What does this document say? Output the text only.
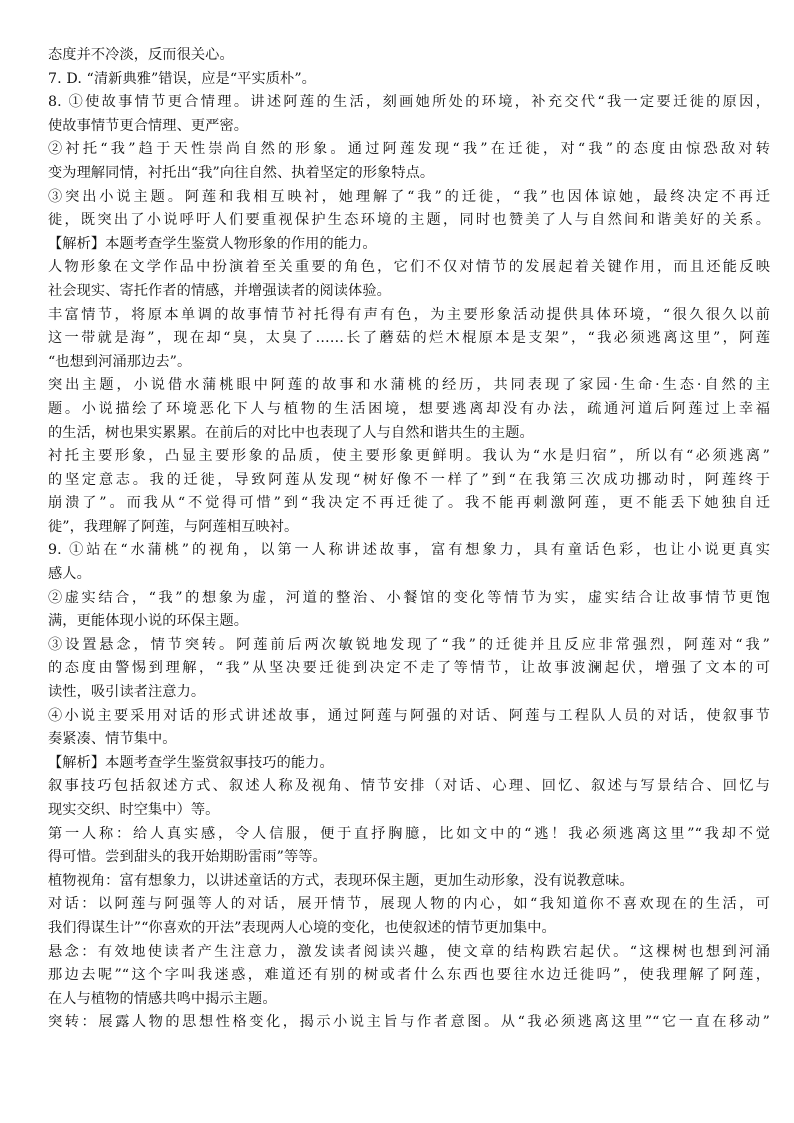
态度并不冷淡，反而很关心。
7. D. “清新典雅”错误，应是“平实质朴”。
8. ①使故事情节更合情理。讲述阿莲的生活，刻画她所处的环境，补充交代“我一定要迁徙的原因，
使故事情节更合情理、更严密。
②衬托“我”趋于天性崇尚自然的形象。通过阿莲发现“我”在迁徙，对“我”的态度由惊恐敌对转
变为理解同情，衬托出“我”向往自然、执着坚定的形象特点。
③突出小说主题。阿莲和我相互映衬，她理解了“我”的迁徙，“我”也因体谅她，最终决定不再迁
徙，既突出了小说呼吁人们要重视保护生态环境的主题，同时也赞美了人与自然间和谐美好的关系。
【解析】本题考查学生鉴赏人物形象的作用的能力。
人物形象在文学作品中扮演着至关重要的角色，它们不仅对情节的发展起着关键作用，而且还能反映
社会现实、寄托作者的情感，并增强读者的阅读体验。
丰富情节，将原本单调的故事情节衬托得有声有色，为主要形象活动提供具体环境，“很久很久以前
这一带就是海”，现在却“臭，太臭了……长了蘑菇的烂木棍原本是支架”，“我必须逃离这里”，阿莲
“也想到河涌那边去”。
突出主题，小说借水蒲桃眼中阿莲的故事和水蒲桃的经历，共同表现了家园·生命·生态·自然的主
题。小说描绘了环境恶化下人与植物的生活困境，想要逃离却没有办法，疏通河道后阿莲过上幸福
的生活，树也果实累累。在前后的对比中也表现了人与自然和谐共生的主题。
衬托主要形象，凸显主要形象的品质，使主要形象更鲜明。我认为“水是归宿”，所以有“必须逃离”
的坚定意志。我的迁徙，导致阿莲从发现“树好像不一样了”到“在我第三次成功挪动时，阿莲终于
崩溃了”。而我从“不觉得可惜”到“我决定不再迁徙了。我不能再刺激阿莲，更不能丢下她独自迁
徙”，我理解了阿莲，与阿莲相互映衬。
9. ①站在“水蒲桃”的视角，以第一人称讲述故事，富有想象力，具有童话色彩，也让小说更真实
感人。
②虚实结合，“我”的想象为虚，河道的整治、小餐馆的变化等情节为实，虚实结合让故事情节更饱
满，更能体现小说的环保主题。
③设置悬念，情节突转。阿莲前后两次敏锐地发现了“我”的迁徙并且反应非常强烈，阿莲对“我”
的态度由警惕到理解，“我”从坚决要迁徙到决定不走了等情节，让故事波澜起伏，增强了文本的可
读性，吸引读者注意力。
④小说主要采用对话的形式讲述故事，通过阿莲与阿强的对话、阿莲与工程队人员的对话，使叙事节
奏紧凑、情节集中。
【解析】本题考查学生鉴赏叙事技巧的能力。
叙事技巧包括叙述方式、叙述人称及视角、情节安排（对话、心理、回忆、叙述与写景结合、回忆与
现实交织、时空集中）等。
第一人称：给人真实感，令人信服，便于直抒胸臆，比如文中的“逃！我必须逃离这里”“我却不觉
得可惜。尝到甜头的我开始期盼雷雨”等等。
植物视角：富有想象力，以讲述童话的方式，表现环保主题，更加生动形象，没有说教意味。
对话：以阿莲与阿强等人的对话，展开情节，展现人物的内心，如“我知道你不喜欢现在的生活，可
我们得谋生计”“你喜欢的开法”表现两人心境的变化，也使叙述的情节更加集中。
悬念：有效地使读者产生注意力，激发读者阅读兴趣，使文章的结构跌宕起伏。“这棵树也想到河涌
那边去呢”“这个字叫我迷惑，难道还有别的树或者什么东西也要往水边迁徙吗”，使我理解了阿莲，
在人与植物的情感共鸣中揭示主题。
突转：展露人物的思想性格变化，揭示小说主旨与作者意图。从“我必须逃离这里”“它一直在移动”
